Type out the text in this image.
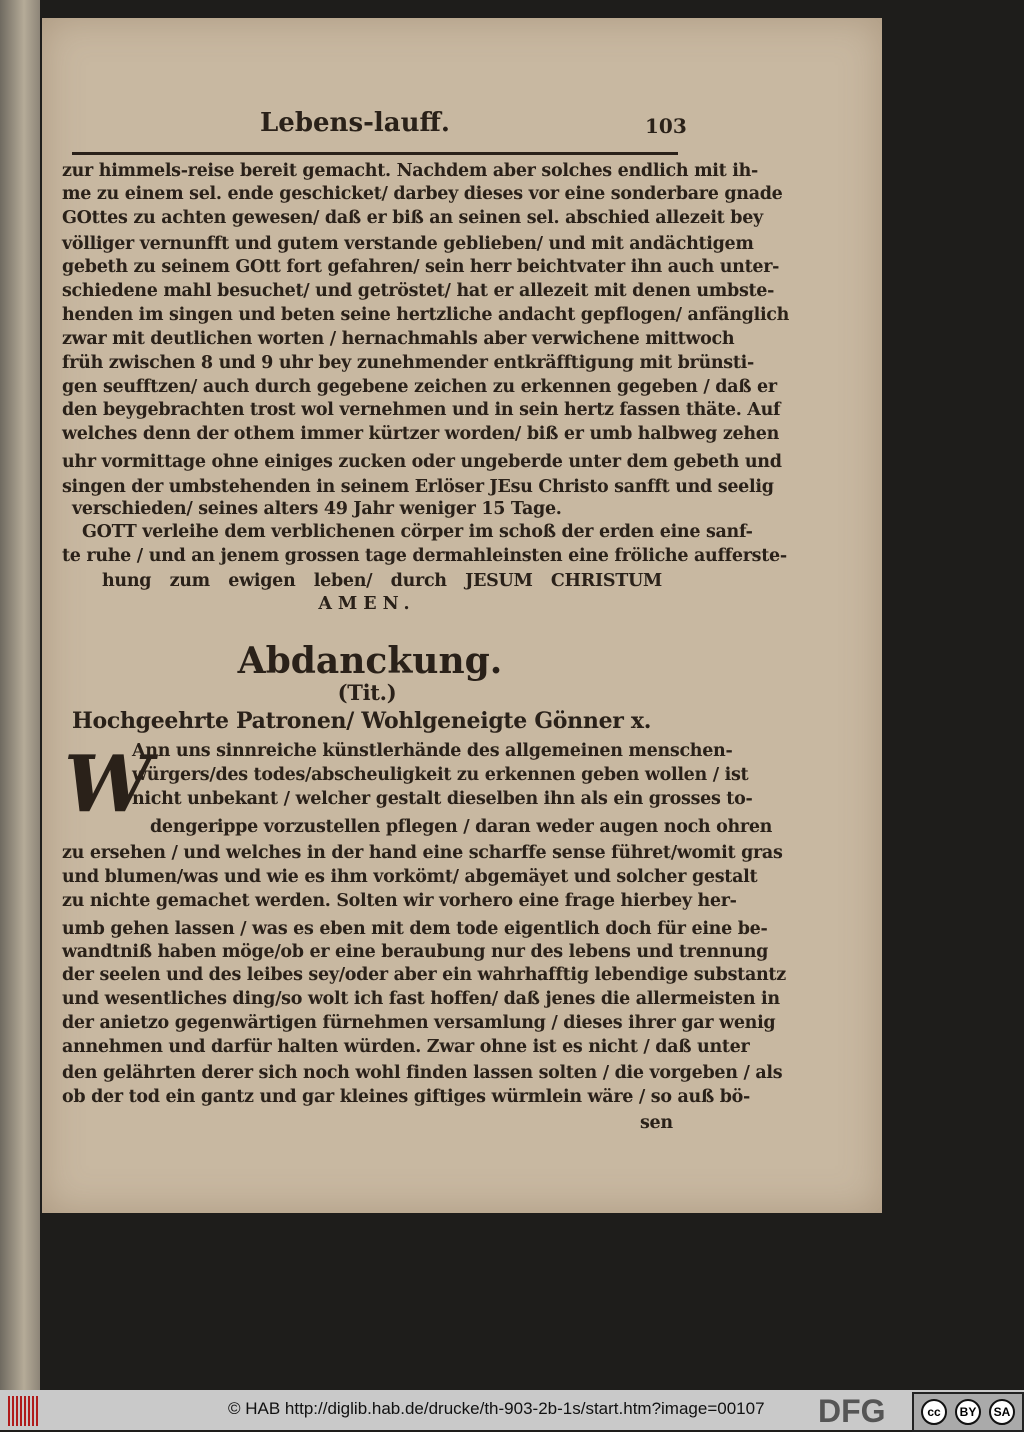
Lebens-lauff.	103
zur himmels-reise bereit gemacht. Nachdem aber solches endlich mit ih-
me zu einem sel. ende geschicket/ darbey dieses vor eine sonderbare gnade
GOttes zu achten gewesen/ daß er biß an seinen sel. abschied allezeit bey
völliger vernunfft und gutem verstande geblieben/ und mit andächtigem
gebeth zu seinem GOtt fort gefahren/ sein herr beichtvater ihn auch unter-
schiedene mahl besuchet/ und getröstet/ hat er allezeit mit denen umbste-
henden im singen und beten seine hertzliche andacht gepflogen/ anfänglich
zwar mit deutlichen worten / hernachmahls aber verwichene mittwoch
früh zwischen 8 und 9 uhr bey zunehmender entkräfftigung mit brünsti-
gen seufftzen/ auch durch gegebene zeichen zu erkennen gegeben / daß er
den beygebrachten trost wol vernehmen und in sein hertz fassen thäte. Auf
welches denn der othem immer kürtzer worden/ biß er umb halbweg zehen
uhr vormittage ohne einiges zucken oder ungeberde unter dem gebeth und
singen der umbstehenden in seinem Erlöser JEsu Christo sanfft und seelig
verschieden/ seines alters 49 Jahr weniger 15 Tage.
GOTT verleihe dem verblichenen cörper im schoß der erden eine sanf-
te ruhe / und an jenem grossen tage dermahleinsten eine fröliche aufferste-
hung zum ewigen leben/ durch JESUM CHRISTUM
AMEN.
Abdanckung.
(Tit.)
Hochgeehrte Patronen/ Wohlgeneigte Gönner x.
W
Ann uns sinnreiche künstlerhände des allgemeinen menschen-
würgers/des todes/abscheuligkeit zu erkennen geben wollen / ist
nicht unbekant / welcher gestalt dieselben ihn als ein grosses to-
dengerippe vorzustellen pflegen / daran weder augen noch ohren
zu ersehen / und welches in der hand eine scharffe sense führet/womit gras
und blumen/was und wie es ihm vorkömt/ abgemäyet und solcher gestalt
zu nichte gemachet werden. Solten wir vorhero eine frage hierbey her-
umb gehen lassen / was es eben mit dem tode eigentlich doch für eine be-
wandtniß haben möge/ob er eine beraubung nur des lebens und trennung
der seelen und des leibes sey/oder aber ein wahrhafftig lebendige substantz
und wesentliches ding/so wolt ich fast hoffen/ daß jenes die allermeisten in
der anietzo gegenwärtigen fürnehmen versamlung / dieses ihrer gar wenig
annehmen und darfür halten würden. Zwar ohne ist es nicht / daß unter
den gelährten derer sich noch wohl finden lassen solten / die vorgeben / als
ob der tod ein gantz und gar kleines giftiges würmlein wäre / so auß bö-
sen
© HAB http://diglib.hab.de/drucke/th-903-2b-1s/start.htm?image=00107 DFG	cc	BY	SA
